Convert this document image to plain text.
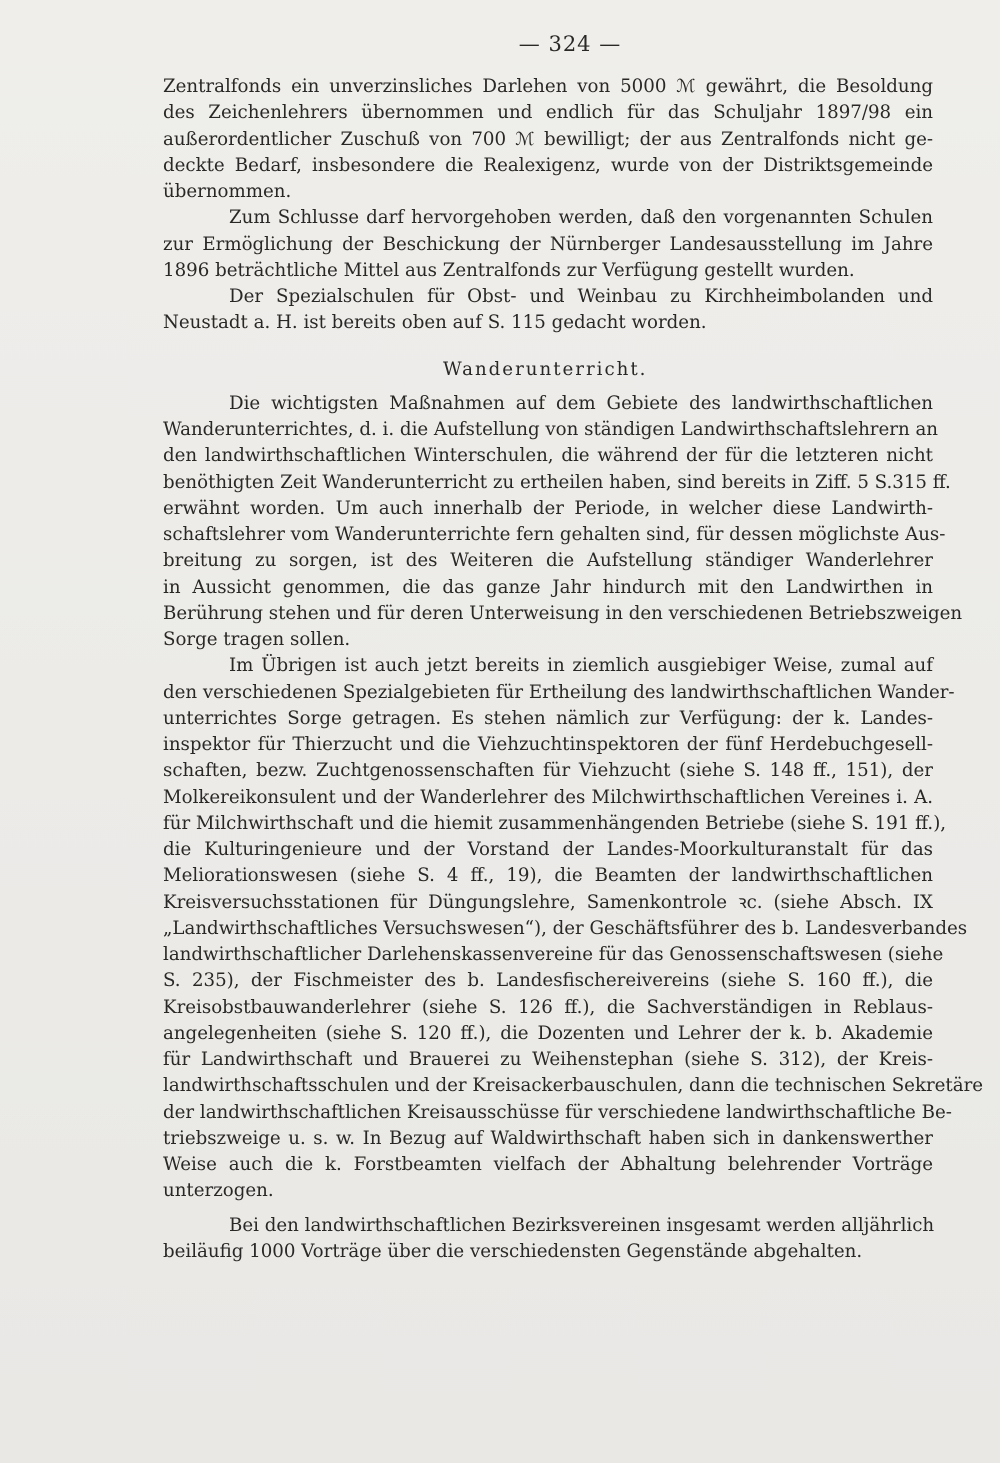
— 324 —
Zentralfonds ein unverzinsliches Darlehen von 5000 ℳ gewährt, die Besoldung
des Zeichenlehrers übernommen und endlich für das Schuljahr 1897/98 ein
außerordentlicher Zuschuß von 700 ℳ bewilligt; der aus Zentralfonds nicht ge-
deckte Bedarf, insbesondere die Realexigenz, wurde von der Distriktsgemeinde
übernommen.
Zum Schlusse darf hervorgehoben werden, daß den vorgenannten Schulen
zur Ermöglichung der Beschickung der Nürnberger Landesausstellung im Jahre
1896 beträchtliche Mittel aus Zentralfonds zur Verfügung gestellt wurden.
Der Spezialschulen für Obst- und Weinbau zu Kirchheimbolanden und
Neustadt a. H. ist bereits oben auf S. 115 gedacht worden.
Wanderunterricht.
Die wichtigsten Maßnahmen auf dem Gebiete des landwirthschaftlichen
Wanderunterrichtes, d. i. die Aufstellung von ständigen Landwirthschaftslehrern an
den landwirthschaftlichen Winterschulen, die während der für die letzteren nicht
benöthigten Zeit Wanderunterricht zu ertheilen haben, sind bereits in Ziff. 5 S.315 ff.
erwähnt worden. Um auch innerhalb der Periode, in welcher diese Landwirth-
schaftslehrer vom Wanderunterrichte fern gehalten sind, für dessen möglichste Aus-
breitung zu sorgen, ist des Weiteren die Aufstellung ständiger Wanderlehrer
in Aussicht genommen, die das ganze Jahr hindurch mit den Landwirthen in
Berührung stehen und für deren Unterweisung in den verschiedenen Betriebszweigen
Sorge tragen sollen.
Im Übrigen ist auch jetzt bereits in ziemlich ausgiebiger Weise, zumal auf
den verschiedenen Spezialgebieten für Ertheilung des landwirthschaftlichen Wander-
unterrichtes Sorge getragen. Es stehen nämlich zur Verfügung: der k. Landes-
inspektor für Thierzucht und die Viehzuchtinspektoren der fünf Herdebuchgesell-
schaften, bezw. Zuchtgenossenschaften für Viehzucht (siehe S. 148 ff., 151), der
Molkereikonsulent und der Wanderlehrer des Milchwirthschaftlichen Vereines i. A.
für Milchwirthschaft und die hiemit zusammenhängenden Betriebe (siehe S. 191 ff.),
die Kulturingenieure und der Vorstand der Landes-Moorkulturanstalt für das
Meliorationswesen (siehe S. 4 ff., 19), die Beamten der landwirthschaftlichen
Kreisversuchsstationen für Düngungslehre, Samenkontrole ꝛc. (siehe Absch. IX
„Landwirthschaftliches Versuchswesen“), der Geschäftsführer des b. Landesverbandes
landwirthschaftlicher Darlehenskassenvereine für das Genossenschaftswesen (siehe
S. 235), der Fischmeister des b. Landesfischereivereins (siehe S. 160 ff.), die
Kreisobstbauwanderlehrer (siehe S. 126 ff.), die Sachverständigen in Reblaus-
angelegenheiten (siehe S. 120 ff.), die Dozenten und Lehrer der k. b. Akademie
für Landwirthschaft und Brauerei zu Weihenstephan (siehe S. 312), der Kreis-
landwirthschaftsschulen und der Kreisackerbauschulen, dann die technischen Sekretäre
der landwirthschaftlichen Kreisausschüsse für verschiedene landwirthschaftliche Be-
triebszweige u. s. w. In Bezug auf Waldwirthschaft haben sich in dankenswerther
Weise auch die k. Forstbeamten vielfach der Abhaltung belehrender Vorträge
unterzogen.
Bei den landwirthschaftlichen Bezirksvereinen insgesamt werden alljährlich
beiläufig 1000 Vorträge über die verschiedensten Gegenstände abgehalten.
